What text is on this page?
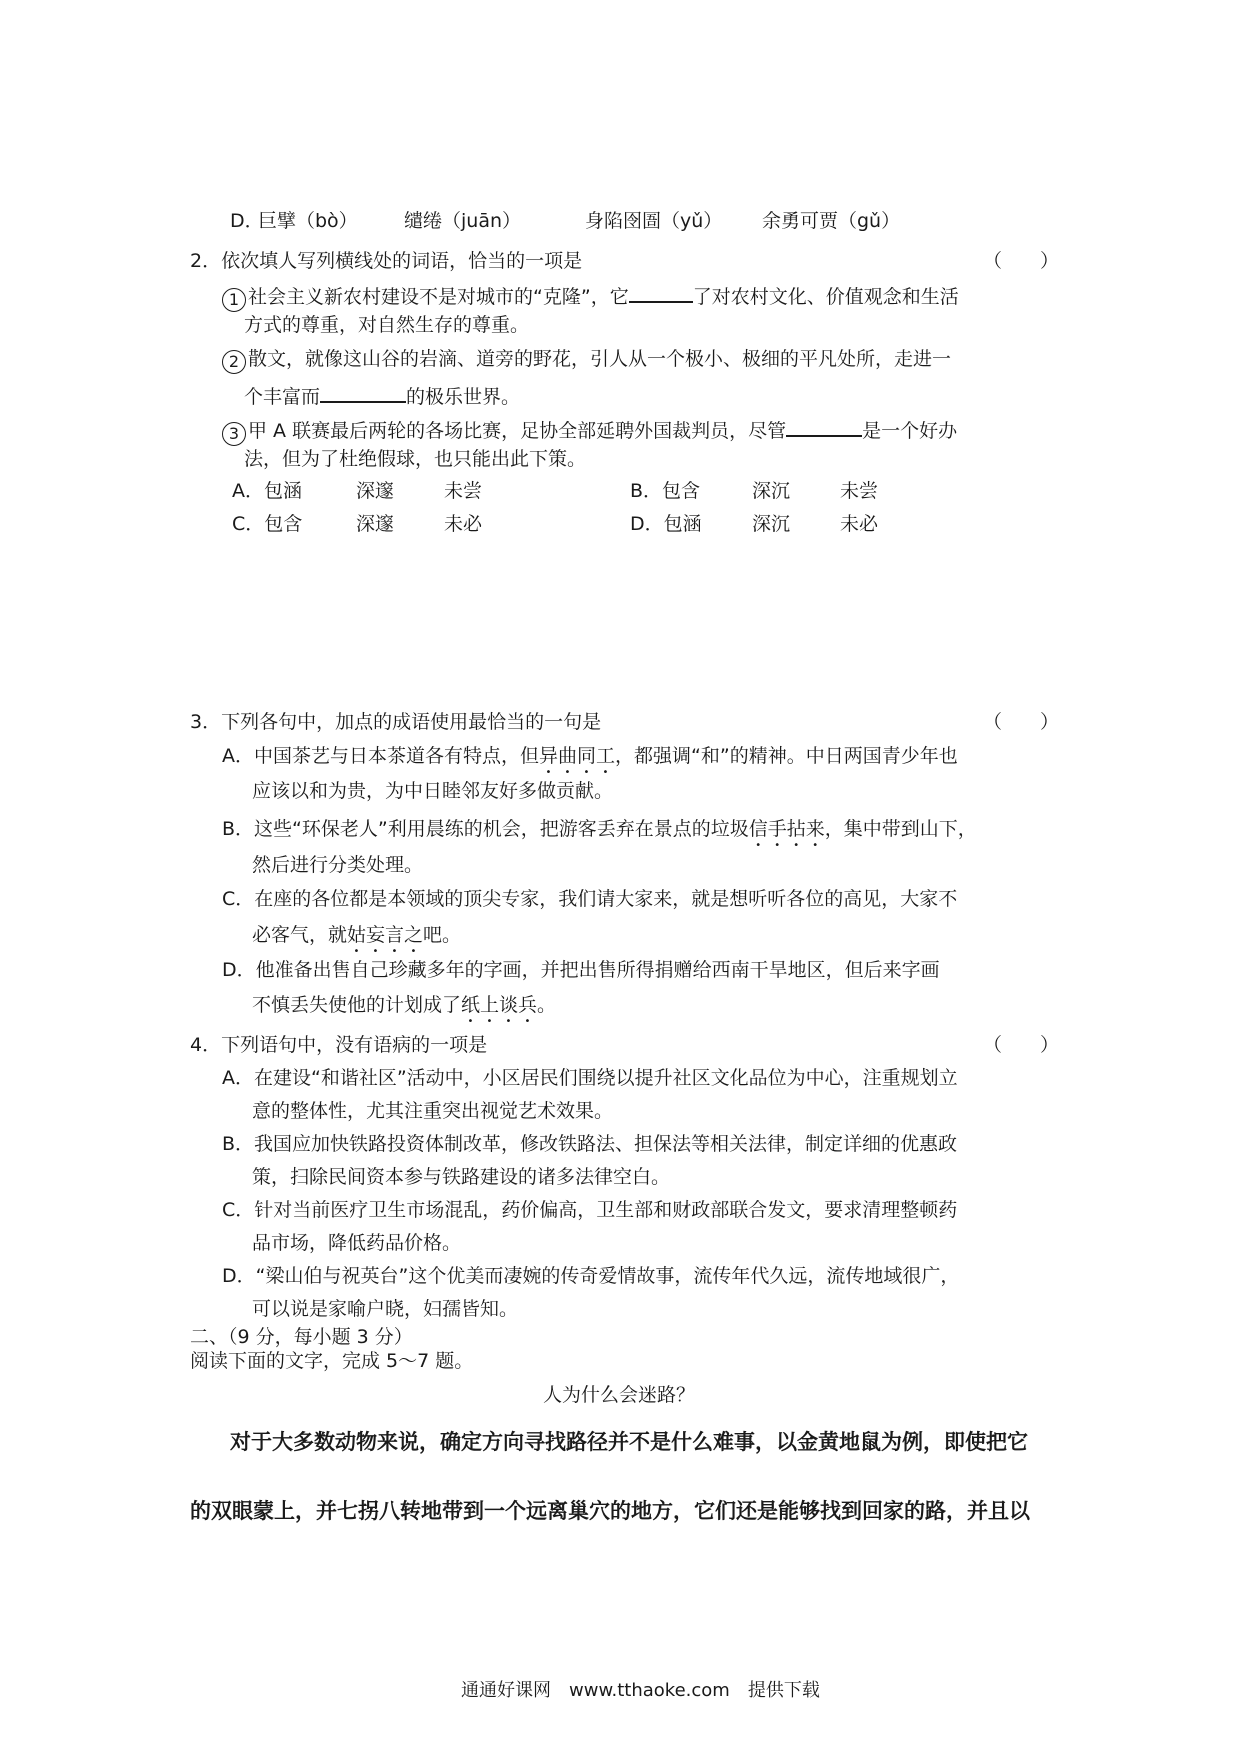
D．
巨擘（bò） 缱绻（juān）	身陷囹圄（yǔ） 余勇可贾（gǔ）
2．依次填人写列横线处的词语，恰当的一项是	（　　）
1 社会主义新农村建设不是对城市的“克隆”，它	了对农村文化、价值观念和生活
方式的尊重，对自然生存的尊重。
2 散文，就像这山谷的岩滴、道旁的野花，引人从一个极小、极细的平凡处所，走进一
个丰富而	的极乐世界。
3 甲 A 联赛最后两轮的各场比赛，足协全部延聘外国裁判员，尽管	是一个好办
法，但为了杜绝假球，也只能出此下策。
A．包涵	深邃	未尝	B．包含	深沉	未尝
C．包含	深邃	未必	D．包涵	深沉	未必
3．下列各句中，加点的成语使用最恰当的一句是	（　　）
A．中国茶艺与日本茶道各有特点，但异曲同工，都强调“和”的精神。中日两国青少年也
应该以和为贵，为中日睦邻友好多做贡献。
B．这些“环保老人”利用晨练的机会，把游客丢弃在景点的垃圾信手拈来，集中带到山下，
然后进行分类处理。
C．在座的各位都是本领域的顶尖专家，我们请大家来，就是想听听各位的高见，大家不
必客气，就姑妄言之吧。
D．他准备出售自己珍藏多年的字画，并把出售所得捐赠给西南干旱地区，但后来字画
不慎丢失使他的计划成了纸上谈兵。
4．下列语句中，没有语病的一项是	（　　）
A．在建设“和谐社区”活动中，小区居民们围绕以提升社区文化品位为中心，注重规划立
意的整体性，尤其注重突出视觉艺术效果。
B．我国应加快铁路投资体制改革，修改铁路法、担保法等相关法律，制定详细的优惠政
策，扫除民间资本参与铁路建设的诸多法律空白。
C．针对当前医疗卫生市场混乱，药价偏高，卫生部和财政部联合发文，要求清理整顿药
品市场，降低药品价格。
D．“梁山伯与祝英台”这个优美而凄婉的传奇爱情故事，流传年代久远，流传地域很广，
可以说是家喻户晓，妇孺皆知。
二、（9 分，每小题 3 分）
阅读下面的文字，完成 5～7 题。
人为什么会迷路？
对于大多数动物来说，确定方向寻找路径并不是什么难事，以金黄地鼠为例，即使把它
的双眼蒙上，并七拐八转地带到一个远离巢穴的地方，它们还是能够找到回家的路，并且以
通通好课网　www.tthaoke.com　提供下载
